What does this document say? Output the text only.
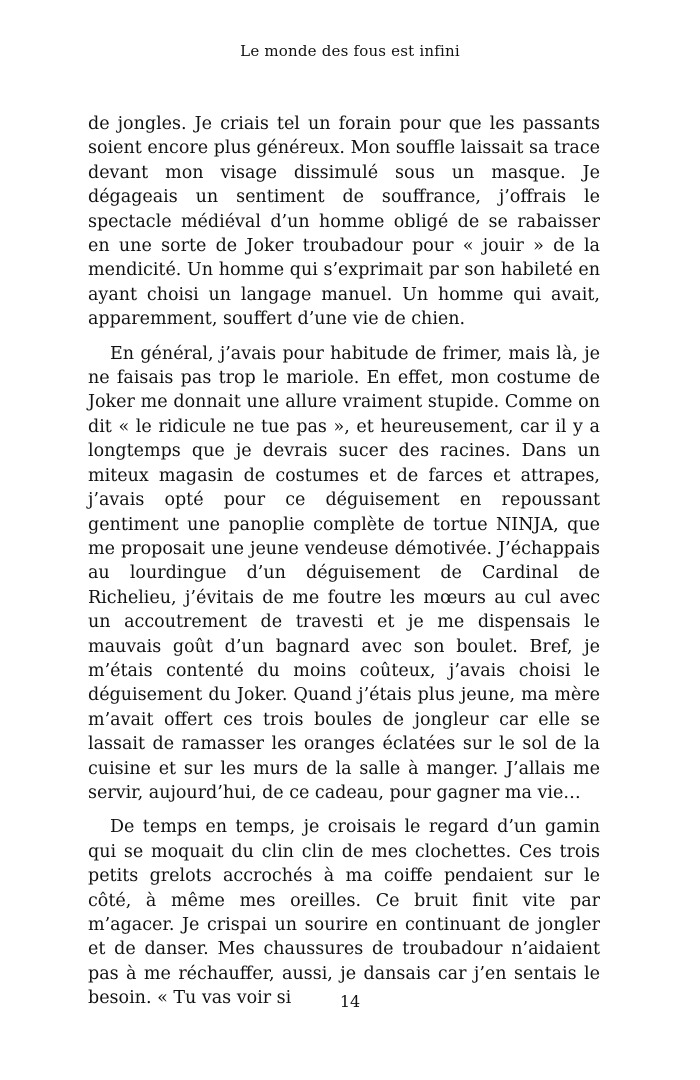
Le monde des fous est infini

de jongles. Je criais tel un forain pour que les passants soient encore plus généreux. Mon souffle laissait sa trace devant mon visage dissimulé sous un masque. Je dégageais un sentiment de souffrance, j’offrais le spectacle médiéval d’un homme obligé de se rabaisser en une sorte de Joker troubadour pour « jouir » de la mendicité. Un homme qui s’exprimait par son habileté en ayant choisi un langage manuel. Un homme qui avait, apparemment, souffert d’une vie de chien.

En général, j’avais pour habitude de frimer, mais là, je ne faisais pas trop le mariole. En effet, mon costume de Joker me donnait une allure vraiment stupide. Comme on dit « le ridicule ne tue pas », et heureusement, car il y a longtemps que je devrais sucer des racines. Dans un miteux magasin de costumes et de farces et attrapes, j’avais opté pour ce déguisement en repoussant gentiment une panoplie complète de tortue NINJA, que me proposait une jeune vendeuse démotivée. J’échappais au lourdingue d’un déguisement de Cardinal de Richelieu, j’évitais de me foutre les mœurs au cul avec un accoutrement de travesti et je me dispensais le mauvais goût d’un bagnard avec son boulet. Bref, je m’étais contenté du moins coûteux, j’avais choisi le déguisement du Joker. Quand j’étais plus jeune, ma mère m’avait offert ces trois boules de jongleur car elle se lassait de ramasser les oranges éclatées sur le sol de la cuisine et sur les murs de la salle à manger. J’allais me servir, aujourd’hui, de ce cadeau, pour gagner ma vie…

De temps en temps, je croisais le regard d’un gamin qui se moquait du clin clin de mes clochettes. Ces trois petits grelots accrochés à ma coiffe pendaient sur le côté, à même mes oreilles. Ce bruit finit vite par m’agacer. Je crispai un sourire en continuant de jongler et de danser. Mes chaussures de troubadour n’aidaient pas à me réchauffer, aussi, je dansais car j’en sentais le besoin. « Tu vas voir si	14
